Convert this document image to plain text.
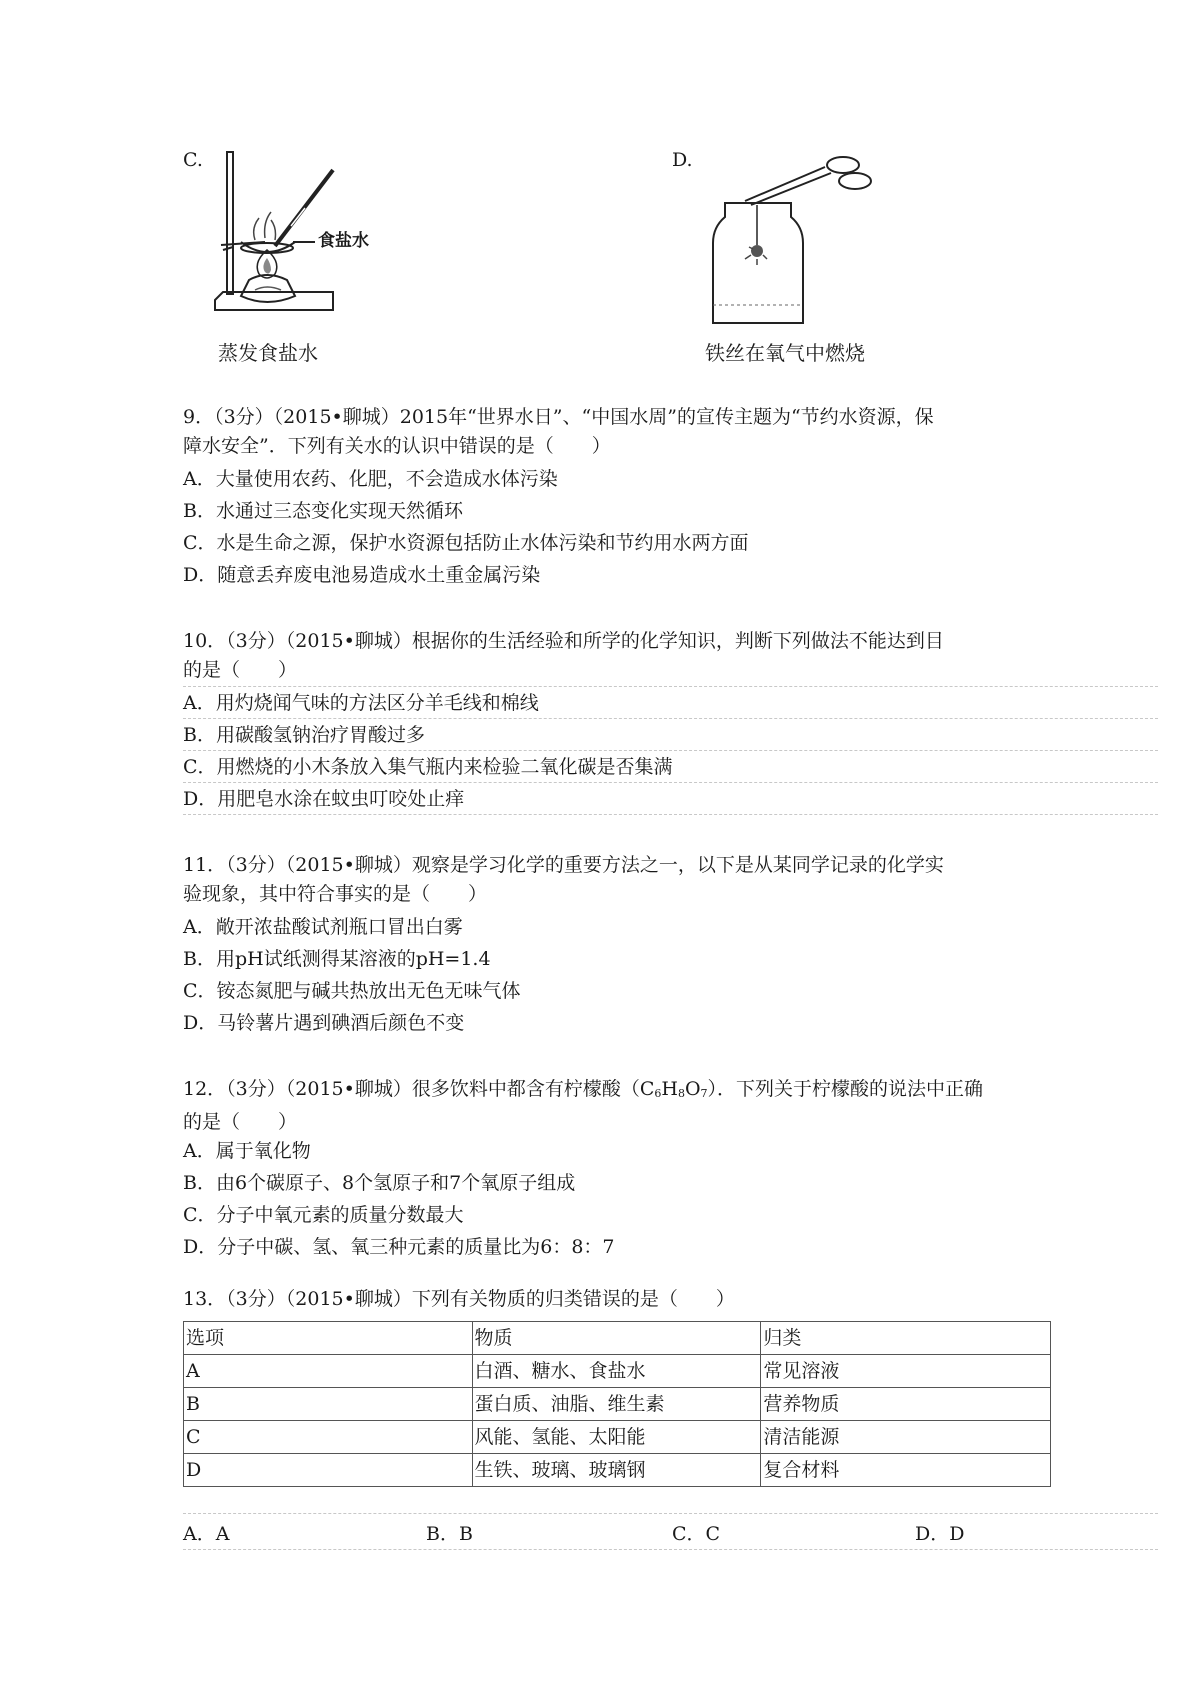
C.
食盐水
蒸发食盐水
D.
铁丝在氧气中燃烧
9．（3分）（2015•聊城）2015年“世界水日”、“中国水周”的宣传主题为“节约水资源，保
障水安全”．下列有关水的认识中错误的是（　　）
A．大量使用农药、化肥，不会造成水体污染
B．水通过三态变化实现天然循环
C．水是生命之源，保护水资源包括防止水体污染和节约用水两方面
D．随意丢弃废电池易造成水土重金属污染
10．（3分）（2015•聊城）根据你的生活经验和所学的化学知识，判断下列做法不能达到目
的是（　　）
A．用灼烧闻气味的方法区分羊毛线和棉线
B．用碳酸氢钠治疗胃酸过多
C．用燃烧的小木条放入集气瓶内来检验二氧化碳是否集满
D．用肥皂水涂在蚊虫叮咬处止痒
11．（3分）（2015•聊城）观察是学习化学的重要方法之一，以下是从某同学记录的化学实
验现象，其中符合事实的是（　　）
A．敞开浓盐酸试剂瓶口冒出白雾
B．用pH试纸测得某溶液的pH=1.4
C．铵态氮肥与碱共热放出无色无味气体
D．马铃薯片遇到碘酒后颜色不变
12．（3分）（2015•聊城）很多饮料中都含有柠檬酸$(C_6H_8O_7)$．下列关于柠檬酸的说法中正确
的是（　　）
A．属于氧化物
B．由6个碳原子、8个氢原子和7个氧原子组成
C．分子中氧元素的质量分数最大
D．分子中碳、氢、氧三种元素的质量比为6：8：7
13．（3分）（2015•聊城）下列有关物质的归类错误的是（　　）
选项	物质	归类
A	白酒、糖水、食盐水	常见溶液
B	蛋白质、油脂、维生素	营养物质
C	风能、氢能、太阳能	清洁能源
D	生铁、玻璃、玻璃钢	复合材料
A．A	B．B	C．C	D．D
